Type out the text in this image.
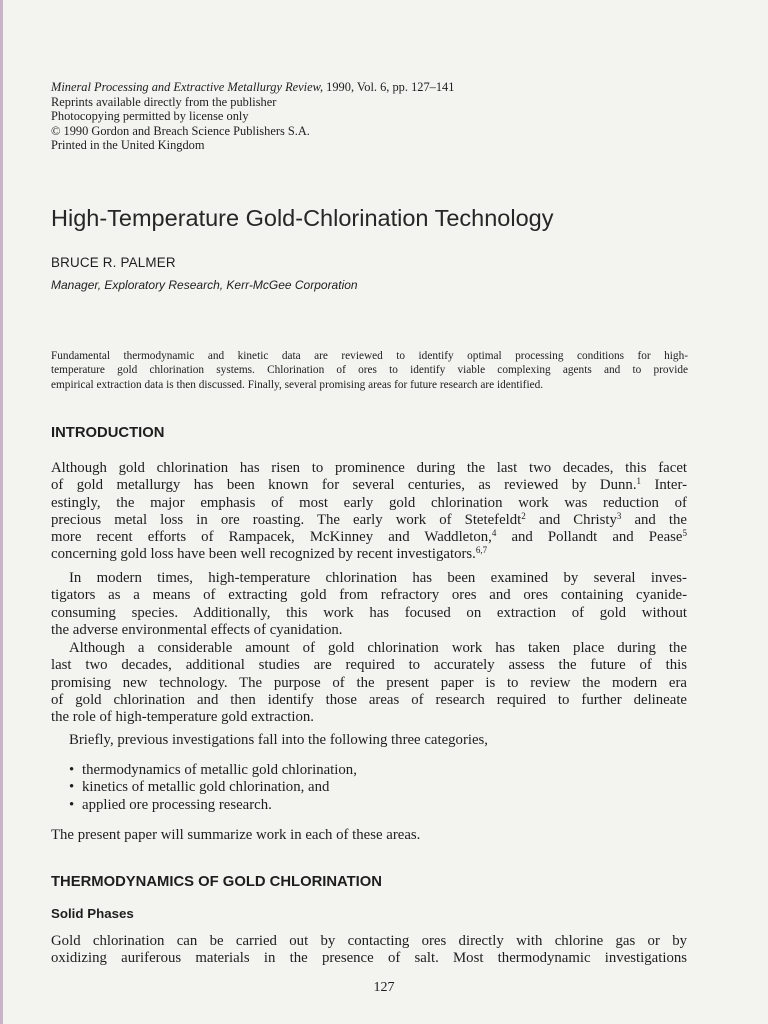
Mineral Processing and Extractive Metallurgy Review, 1990, Vol. 6, pp. 127–141
Reprints available directly from the publisher
Photocopying permitted by license only
© 1990 Gordon and Breach Science Publishers S.A.
Printed in the United Kingdom
High-Temperature Gold-Chlorination Technology
BRUCE R. PALMER
Manager, Exploratory Research, Kerr-McGee Corporation
Fundamental thermodynamic and kinetic data are reviewed to identify optimal processing conditions for high-
temperature gold chlorination systems. Chlorination of ores to identify viable complexing agents and to provide
empirical extraction data is then discussed. Finally, several promising areas for future research are identified.
INTRODUCTION
Although gold chlorination has risen to prominence during the last two decades, this facet
of gold metallurgy has been known for several centuries, as reviewed by Dunn.$^1$ Inter-
estingly, the major emphasis of most early gold chlorination work was reduction of
precious metal loss in ore roasting. The early work of Stetefeldt$^2$ and Christy$^3$ and the
more recent efforts of Rampacek, McKinney and Waddleton,$^4$ and Pollandt and Pease$^5$
concerning gold loss have been well recognized by recent investigators.$^{6,7}$
In modern times, high-temperature chlorination has been examined by several inves-
tigators as a means of extracting gold from refractory ores and ores containing cyanide-
consuming species. Additionally, this work has focused on extraction of gold without
the adverse environmental effects of cyanidation.
Although a considerable amount of gold chlorination work has taken place during the
last two decades, additional studies are required to accurately assess the future of this
promising new technology. The purpose of the present paper is to review the modern era
of gold chlorination and then identify those areas of research required to further delineate
the role of high-temperature gold extraction.
Briefly, previous investigations fall into the following three categories,
• thermodynamics of metallic gold chlorination,
• kinetics of metallic gold chlorination, and
• applied ore processing research.
The present paper will summarize work in each of these areas.
THERMODYNAMICS OF GOLD CHLORINATION
Solid Phases
Gold chlorination can be carried out by contacting ores directly with chlorine gas or by
oxidizing auriferous materials in the presence of salt. Most thermodynamic investigations
127
